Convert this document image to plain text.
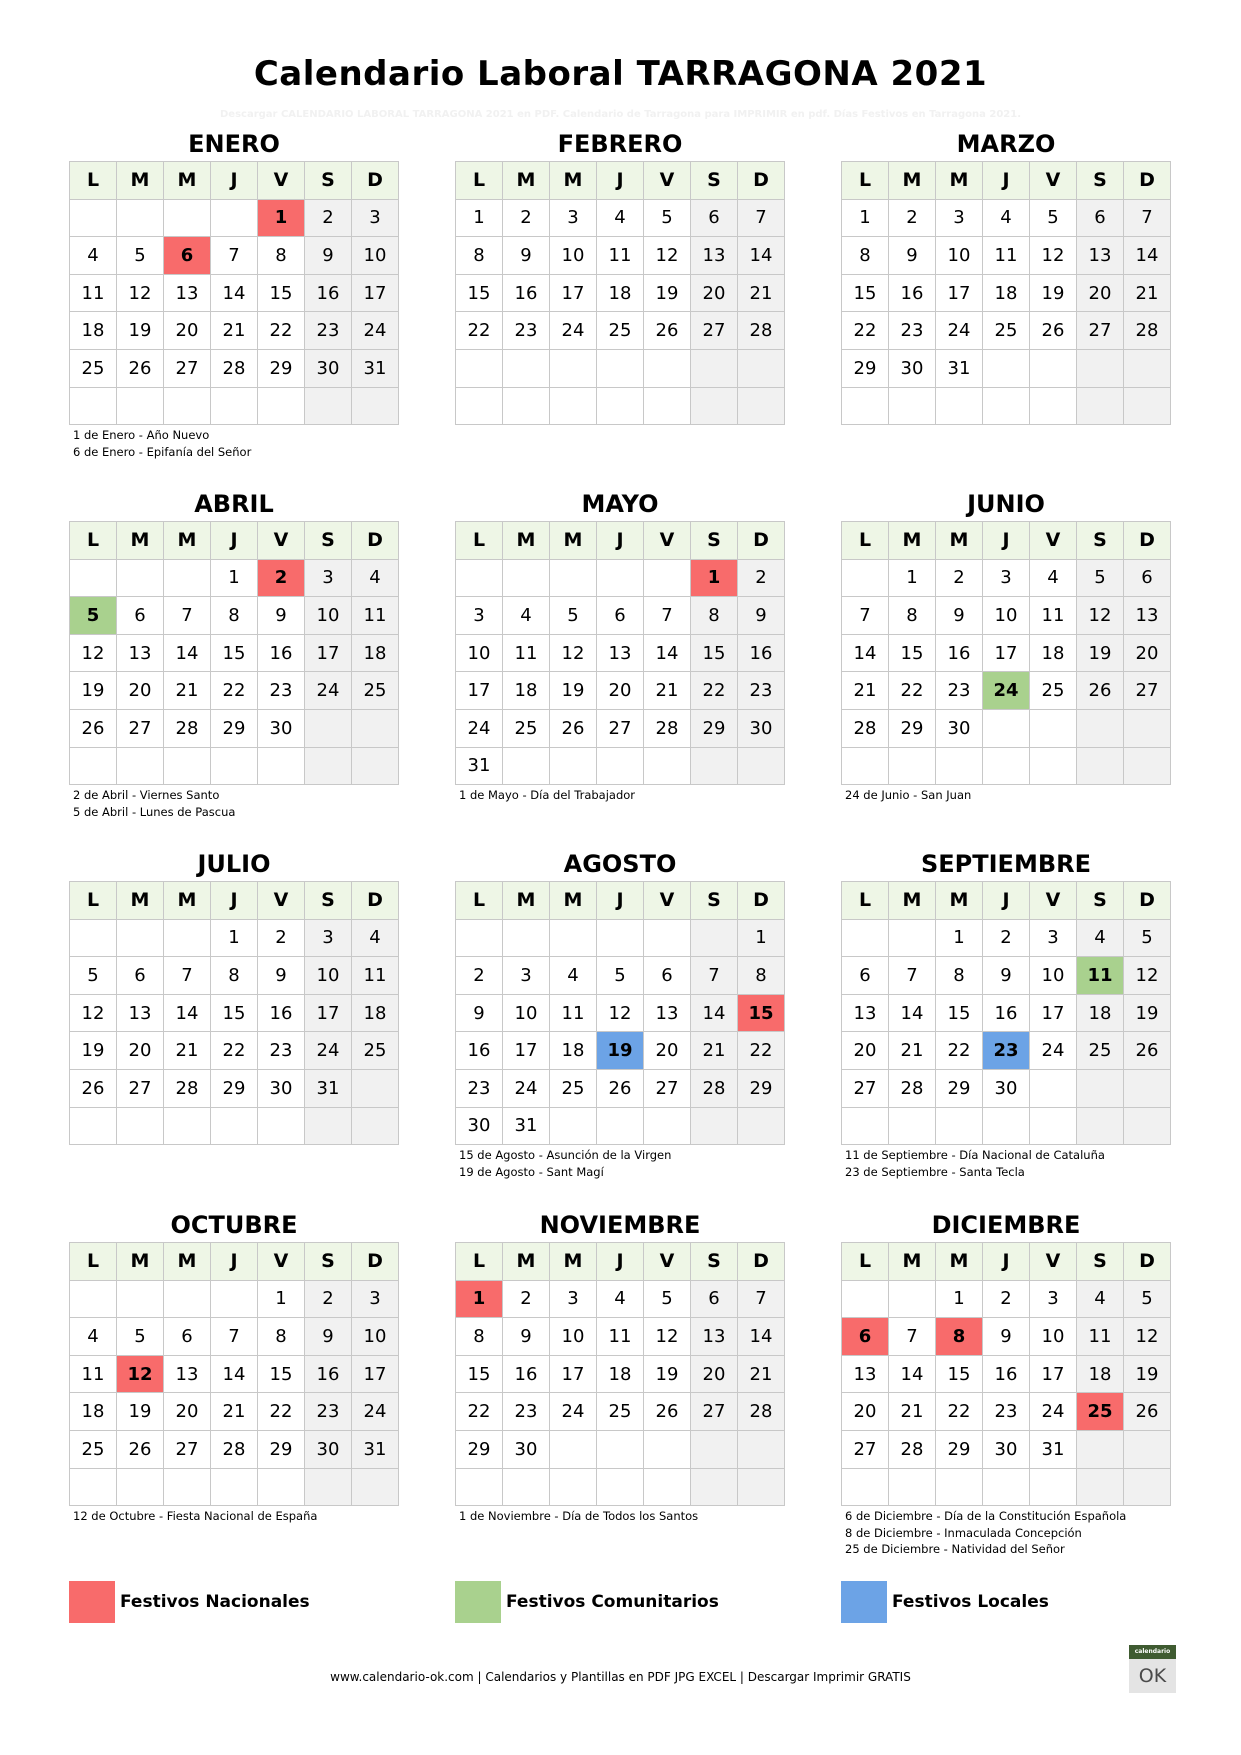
Calendario Laboral TARRAGONA 2021
Descargar CALENDARIO LABORAL TARRAGONA 2021 en PDF. Calendario de Tarragona para IMPRIMIR en pdf. Días Festivos en Tarragona 2021.
ENERO
L	M	M	J	V	S	D
				1	2	3
4	5	6	7	8	9	10
11	12	13	14	15	16	17
18	19	20	21	22	23	24
25	26	27	28	29	30	31

1 de Enero - Año Nuevo
6 de Enero - Epifanía del Señor
FEBRERO
L	M	M	J	V	S	D
1	2	3	4	5	6	7
8	9	10	11	12	13	14
15	16	17	18	19	20	21
22	23	24	25	26	27	28

MARZO
L	M	M	J	V	S	D
1	2	3	4	5	6	7
8	9	10	11	12	13	14
15	16	17	18	19	20	21
22	23	24	25	26	27	28
29	30	31				

ABRIL
L	M	M	J	V	S	D
			1	2	3	4
5	6	7	8	9	10	11
12	13	14	15	16	17	18
19	20	21	22	23	24	25
26	27	28	29	30		

2 de Abril - Viernes Santo
5 de Abril - Lunes de Pascua
MAYO
L	M	M	J	V	S	D
					1	2
3	4	5	6	7	8	9
10	11	12	13	14	15	16
17	18	19	20	21	22	23
24	25	26	27	28	29	30
31						
1 de Mayo - Día del Trabajador
JUNIO
L	M	M	J	V	S	D
	1	2	3	4	5	6
7	8	9	10	11	12	13
14	15	16	17	18	19	20
21	22	23	24	25	26	27
28	29	30				

24 de Junio - San Juan
JULIO
L	M	M	J	V	S	D
			1	2	3	4
5	6	7	8	9	10	11
12	13	14	15	16	17	18
19	20	21	22	23	24	25
26	27	28	29	30	31	

AGOSTO
L	M	M	J	V	S	D
						1
2	3	4	5	6	7	8
9	10	11	12	13	14	15
16	17	18	19	20	21	22
23	24	25	26	27	28	29
30	31					
15 de Agosto - Asunción de la Virgen
19 de Agosto - Sant Magí
SEPTIEMBRE
L	M	M	J	V	S	D
		1	2	3	4	5
6	7	8	9	10	11	12
13	14	15	16	17	18	19
20	21	22	23	24	25	26
27	28	29	30			

11 de Septiembre - Día Nacional de Cataluña
23 de Septiembre - Santa Tecla
OCTUBRE
L	M	M	J	V	S	D
				1	2	3
4	5	6	7	8	9	10
11	12	13	14	15	16	17
18	19	20	21	22	23	24
25	26	27	28	29	30	31

12 de Octubre - Fiesta Nacional de España
NOVIEMBRE
L	M	M	J	V	S	D
1	2	3	4	5	6	7
8	9	10	11	12	13	14
15	16	17	18	19	20	21
22	23	24	25	26	27	28
29	30					

1 de Noviembre - Día de Todos los Santos
DICIEMBRE
L	M	M	J	V	S	D
		1	2	3	4	5
6	7	8	9	10	11	12
13	14	15	16	17	18	19
20	21	22	23	24	25	26
27	28	29	30	31		

6 de Diciembre - Día de la Constitución Española
8 de Diciembre - Inmaculada Concepción
25 de Diciembre - Natividad del Señor
Festivos Nacionales	Festivos Comunitarios	Festivos Locales
www.calendario-ok.com | Calendarios y Plantillas en PDF JPG EXCEL | Descargar Imprimir GRATIS
calendario
OK
